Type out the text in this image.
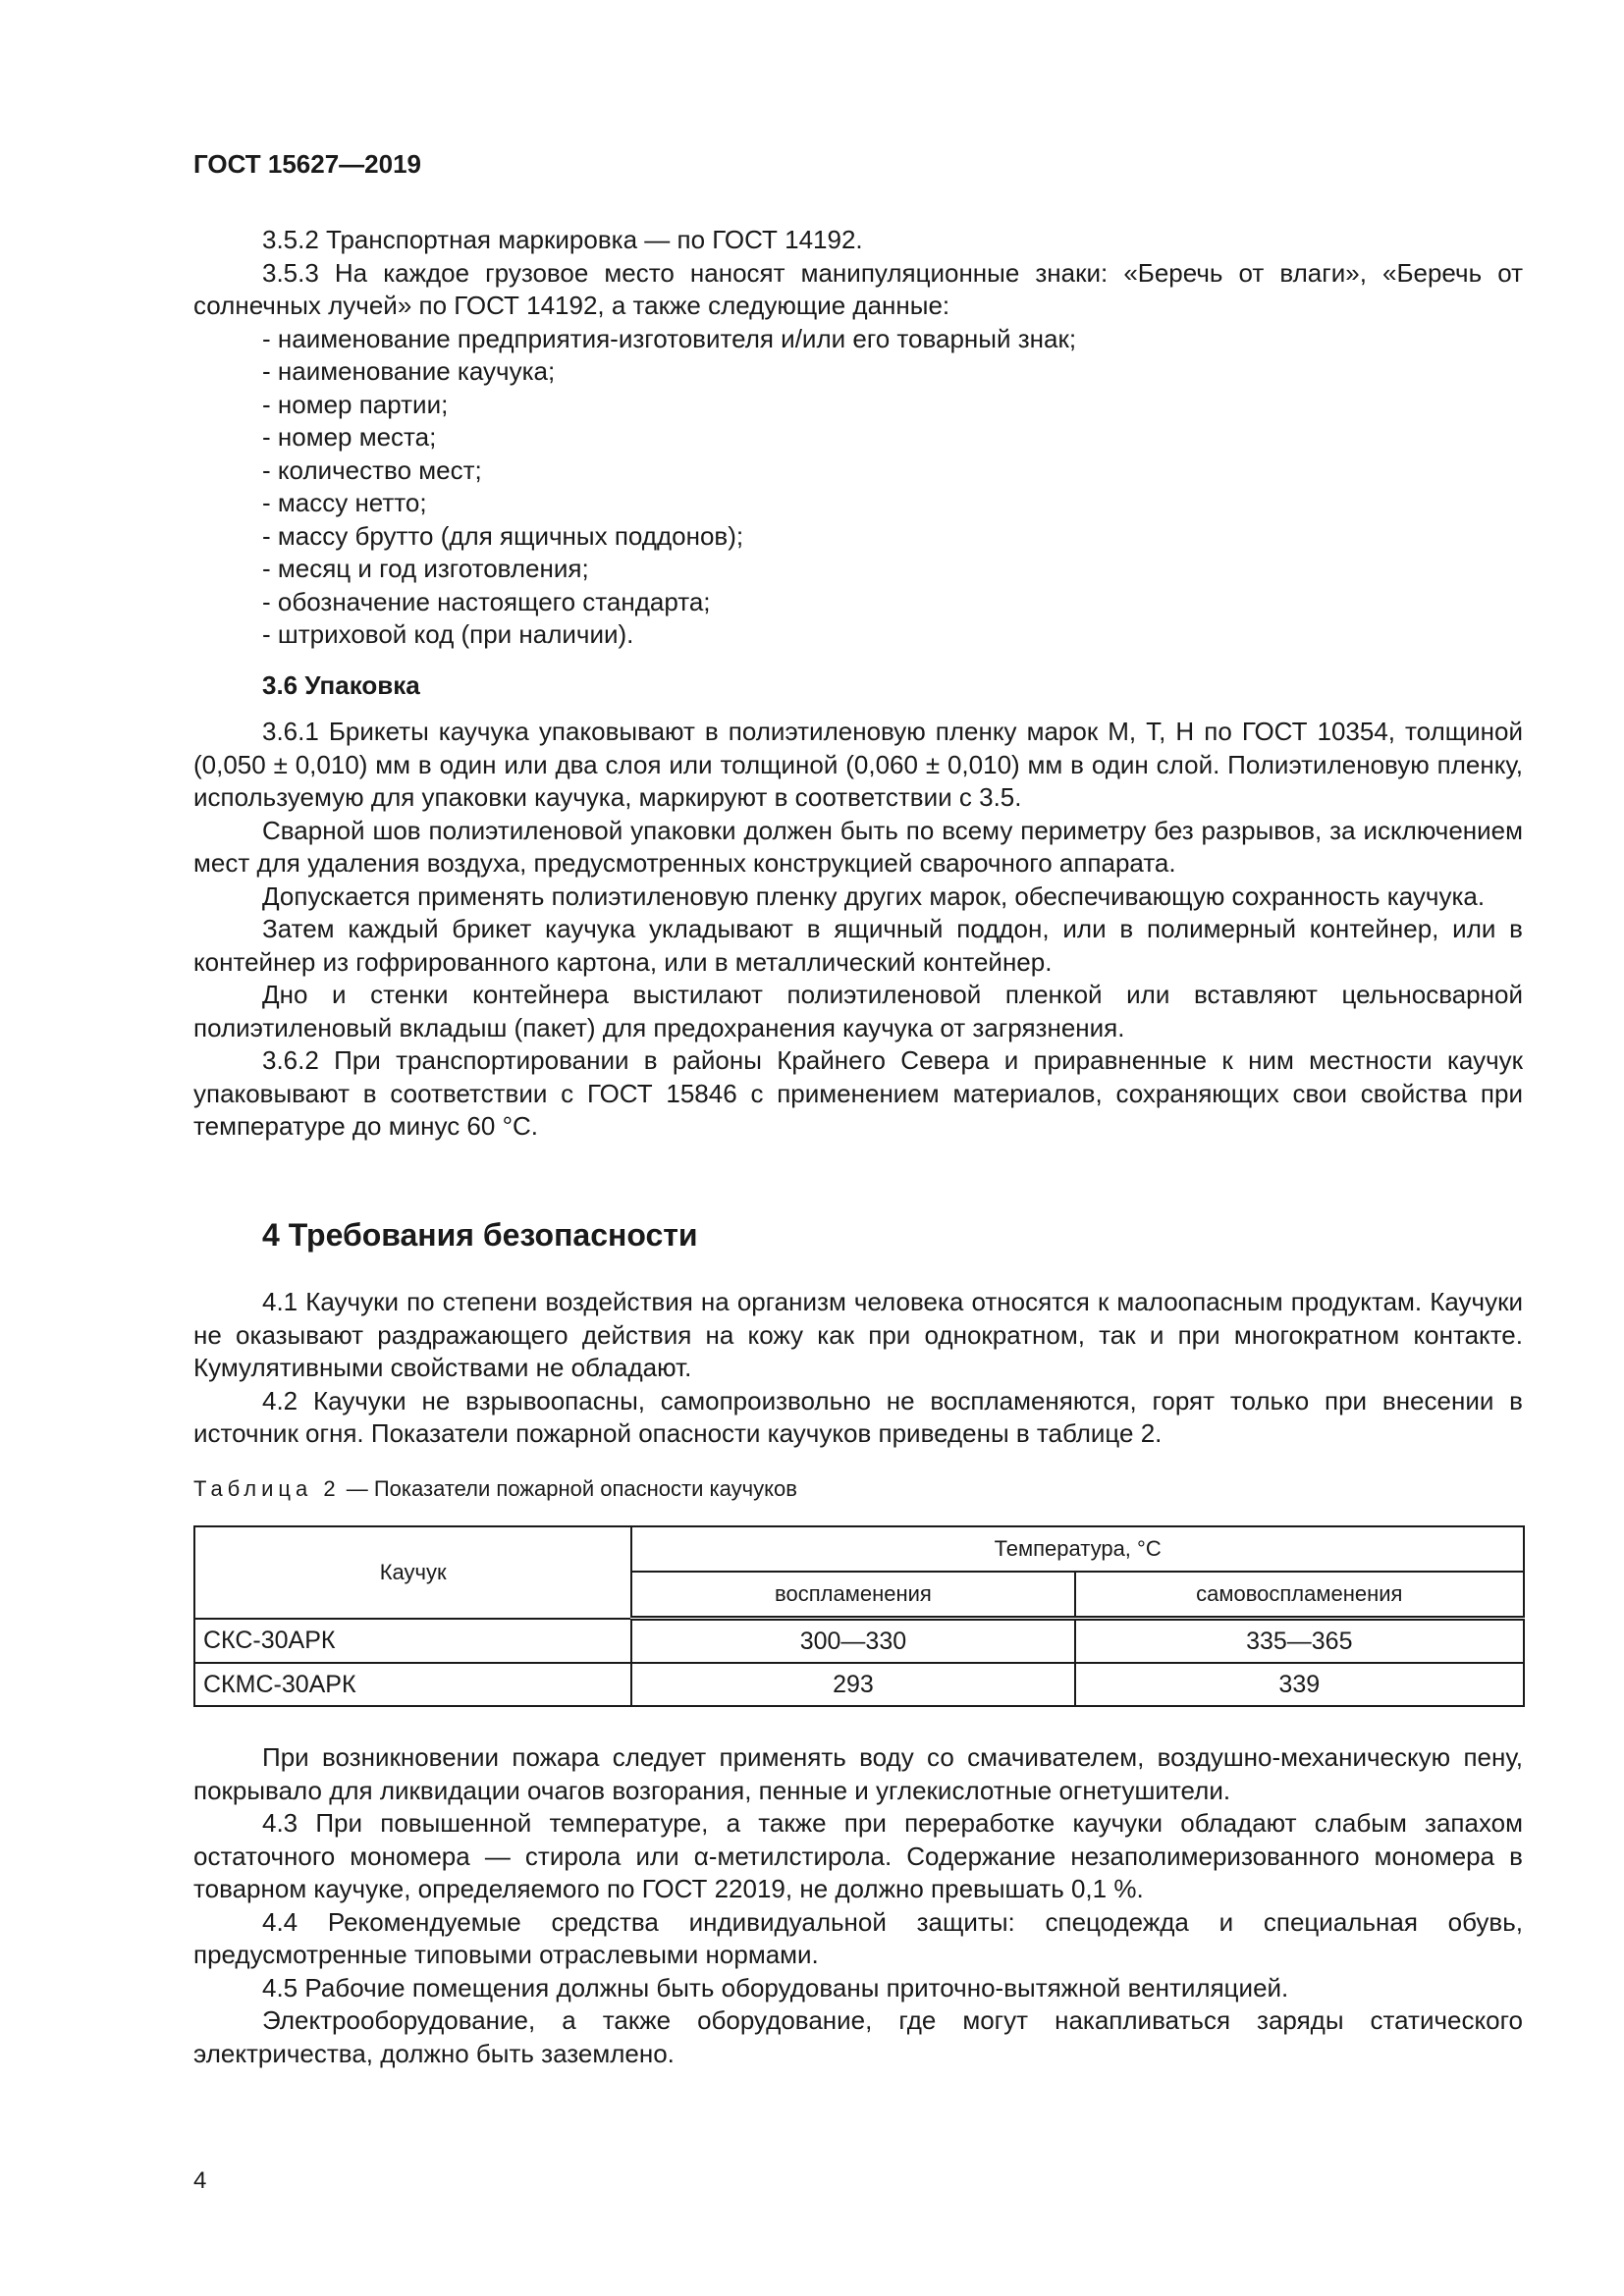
ГОСТ 15627—2019
3.5.2 Транспортная маркировка — по ГОСТ 14192.
3.5.3 На каждое грузовое место наносят манипуляционные знаки: «Беречь от влаги», «Беречь от солнечных лучей» по ГОСТ 14192, а также следующие данные:
- наименование предприятия-изготовителя и/или его товарный знак;
- наименование каучука;
- номер партии;
- номер места;
- количество мест;
- массу нетто;
- массу брутто (для ящичных поддонов);
- месяц и год изготовления;
- обозначение настоящего стандарта;
- штриховой код (при наличии).
3.6 Упаковка
3.6.1 Брикеты каучука упаковывают в полиэтиленовую пленку марок М, Т, Н по ГОСТ 10354, толщиной (0,050 ± 0,010) мм в один или два слоя или толщиной (0,060 ± 0,010) мм в один слой. Полиэтиленовую пленку, используемую для упаковки каучука, маркируют в соответствии с 3.5.
Сварной шов полиэтиленовой упаковки должен быть по всему периметру без разрывов, за исключением мест для удаления воздуха, предусмотренных конструкцией сварочного аппарата.
Допускается применять полиэтиленовую пленку других марок, обеспечивающую сохранность каучука.
Затем каждый брикет каучука укладывают в ящичный поддон, или в полимерный контейнер, или в контейнер из гофрированного картона, или в металлический контейнер.
Дно и стенки контейнера выстилают полиэтиленовой пленкой или вставляют цельносварной полиэтиленовый вкладыш (пакет) для предохранения каучука от загрязнения.
3.6.2 При транспортировании в районы Крайнего Севера и приравненные к ним местности каучук упаковывают в соответствии с ГОСТ 15846 с применением материалов, сохраняющих свои свойства при температуре до минус 60 °С.
4 Требования безопасности
4.1 Каучуки по степени воздействия на организм человека относятся к малоопасным продуктам. Каучуки не оказывают раздражающего действия на кожу как при однократном, так и при многократном контакте. Кумулятивными свойствами не обладают.
4.2 Каучуки не взрывоопасны, самопроизвольно не воспламеняются, горят только при внесении в источник огня. Показатели пожарной опасности каучуков приведены в таблице 2.
Таблица 2 — Показатели пожарной опасности каучуков
Каучук	Температура, °С	
	воспламенения	самовоспламенения
СКС-30АРК	300—330	335—365
СКМС-30АРК	293	339
При возникновении пожара следует применять воду со смачивателем, воздушно-механическую пену, покрывало для ликвидации очагов возгорания, пенные и углекислотные огнетушители.
4.3 При повышенной температуре, а также при переработке каучуки обладают слабым запахом остаточного мономера — стирола или α-метилстирола. Содержание незаполимеризованного мономера в товарном каучуке, определяемого по ГОСТ 22019, не должно превышать 0,1 %.
4.4 Рекомендуемые средства индивидуальной защиты: спецодежда и специальная обувь, предусмотренные типовыми отраслевыми нормами.
4.5 Рабочие помещения должны быть оборудованы приточно-вытяжной вентиляцией.
Электрооборудование, а также оборудование, где могут накапливаться заряды статического электричества, должно быть заземлено.
4
